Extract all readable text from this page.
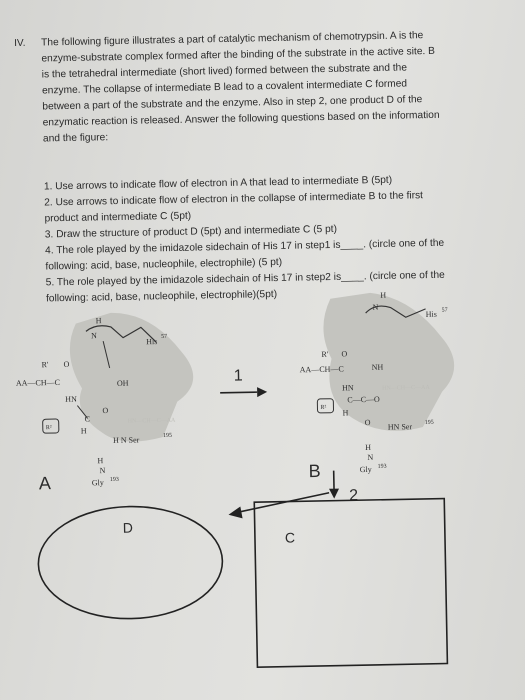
IV. The following figure illustrates a part of catalytic mechanism of chemotrypsin. A is the

enzyme-substrate complex formed after the binding of the substrate in the active site. B

is the tetrahedral intermediate (short lived) formed between the substrate and the

enzyme. The collapse of intermediate B lead to a covalent intermediate C formed

between a part of the substrate and the enzyme. Also in step 2, one product D of the

enzymatic reaction is released. Answer the following questions based on the information

and the figure:

1. Use arrows to indicate flow of electron in A that lead to intermediate B (5pt)

2. Use arrows to indicate flow of electron in the collapse of intermediate B to the first

product and intermediate C (5pt)

3. Draw the structure of product D (5pt) and intermediate C (5 pt)

4. The role played by the imidazole sidechain of His 17 in step1 is____. (circle one of the

following: acid, base, nucleophile, electrophile) (5 pt)

5. The role played by the imidazole sidechain of His 17 in step2 is____. (circle one of the

following: acid, base, nucleophile, electrophile)(5pt)

H
N
His
57
R' O
AA—CH—C	OH
HN
C
O
HN—CH—C—AA
R²	H
H N Ser	195
H
N
Gly 193
A
1
H
N
His 57
R' O
AA—CH—C	NH
HN	HN—CH—C—AA
R²
C—C—O
H
O HN Ser 195
H
N
Gly 193
B
2
D
C
